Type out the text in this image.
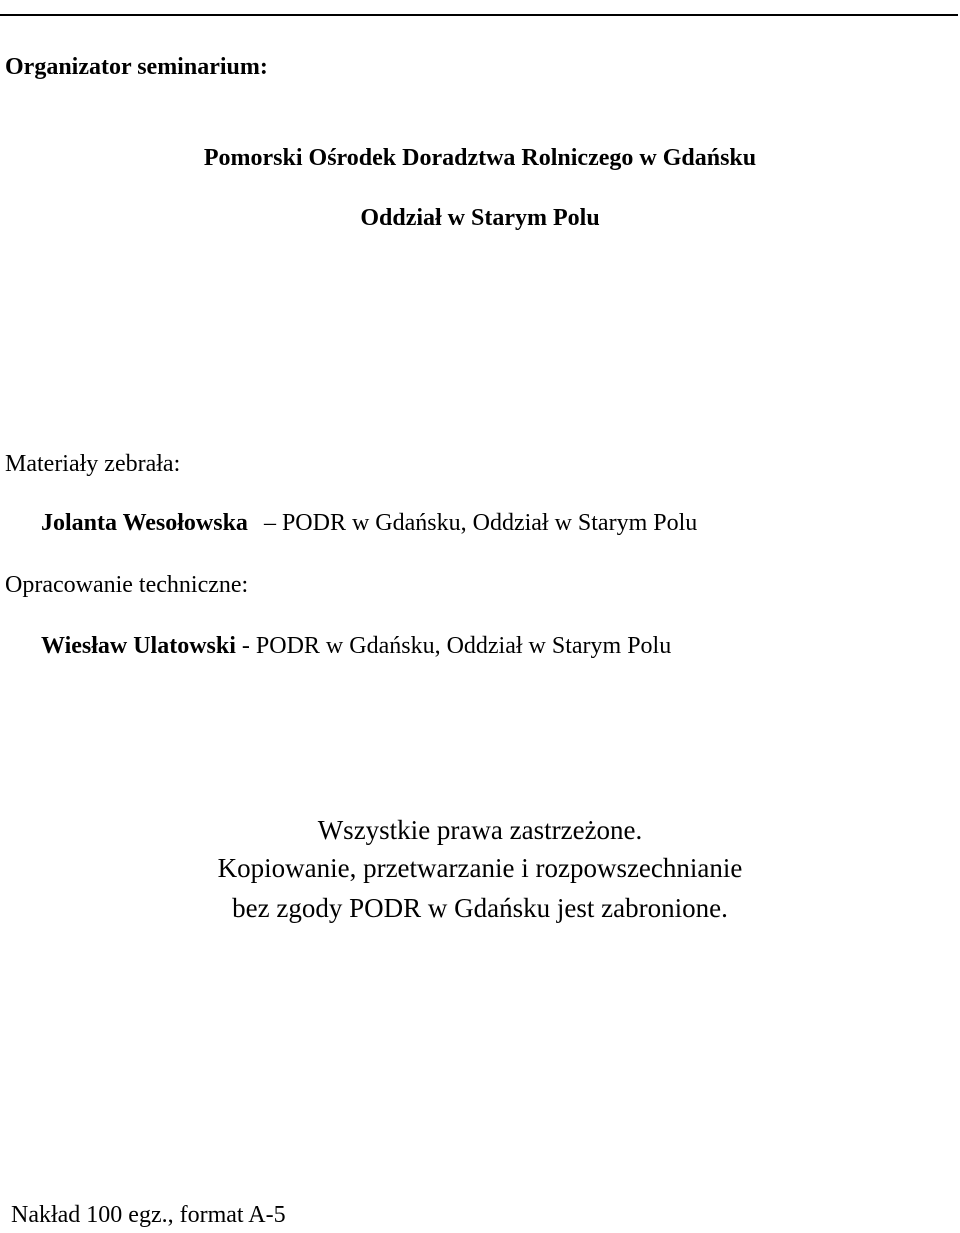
Organizator seminarium:
Pomorski Ośrodek Doradztwa Rolniczego w Gdańsku
Oddział w Starym Polu
Materiały zebrała:
Jolanta Wesołowska – PODR w Gdańsku, Oddział w Starym Polu
Opracowanie techniczne:
Wiesław Ulatowski - PODR w Gdańsku, Oddział w Starym Polu
Wszystkie prawa zastrzeżone.
Kopiowanie, przetwarzanie i rozpowszechnianie
bez zgody PODR w Gdańsku jest zabronione.
Nakład 100 egz., format A-5
